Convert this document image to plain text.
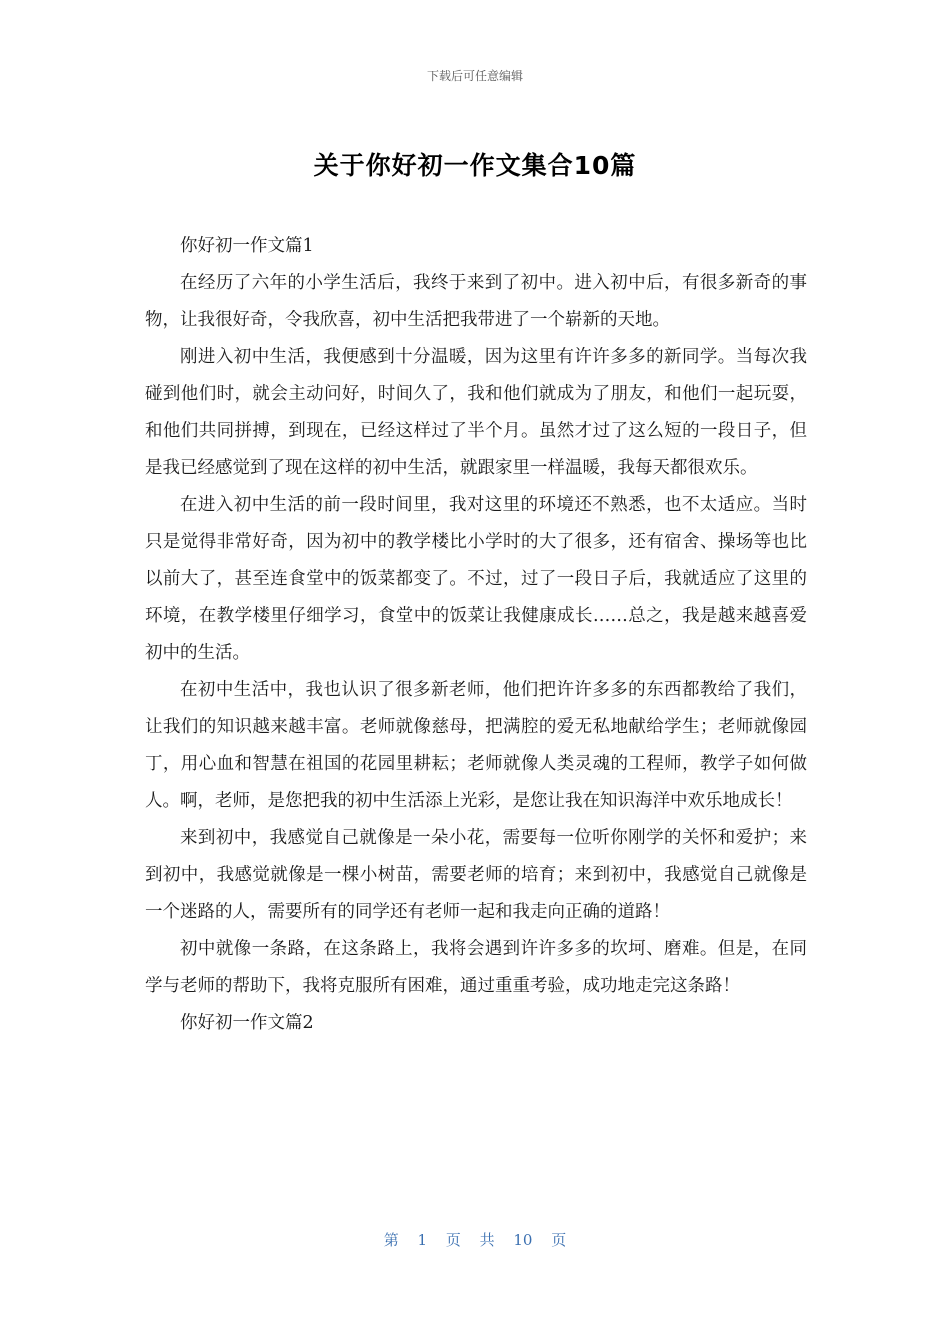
下载后可任意编辑
关于你好初一作文集合10篇

你好初一作文篇1

在经历了六年的小学生活后，我终于来到了初中。进入初中后，有很多新奇的事物，让我很好奇，令我欣喜，初中生活把我带进了一个崭新的天地。

刚进入初中生活，我便感到十分温暖，因为这里有许许多多的新同学。当每次我碰到他们时，就会主动问好，时间久了，我和他们就成为了朋友，和他们一起玩耍，和他们共同拼搏，到现在，已经这样过了半个月。虽然才过了这么短的一段日子，但是我已经感觉到了现在这样的初中生活，就跟家里一样温暖，我每天都很欢乐。

在进入初中生活的前一段时间里，我对这里的环境还不熟悉，也不太适应。当时只是觉得非常好奇，因为初中的教学楼比小学时的大了很多，还有宿舍、操场等也比以前大了，甚至连食堂中的饭菜都变了。不过，过了一段日子后，我就适应了这里的环境，在教学楼里仔细学习，食堂中的饭菜让我健康成长……总之，我是越来越喜爱初中的生活。

在初中生活中，我也认识了很多新老师，他们把许许多多的东西都教给了我们，让我们的知识越来越丰富。老师就像慈母，把满腔的爱无私地献给学生；老师就像园丁，用心血和智慧在祖国的花园里耕耘；老师就像人类灵魂的工程师，教学子如何做人。啊，老师，是您把我的初中生活添上光彩，是您让我在知识海洋中欢乐地成长！

来到初中，我感觉自己就像是一朵小花，需要每一位听你刚学的关怀和爱护；来到初中，我感觉就像是一棵小树苗，需要老师的培育；来到初中，我感觉自己就像是一个迷路的人，需要所有的同学还有老师一起和我走向正确的道路！

初中就像一条路，在这条路上，我将会遇到许许多多的坎坷、磨难。但是，在同学与老师的帮助下，我将克服所有困难，通过重重考验，成功地走完这条路！

你好初一作文篇2

第 1 页 共 10 页
